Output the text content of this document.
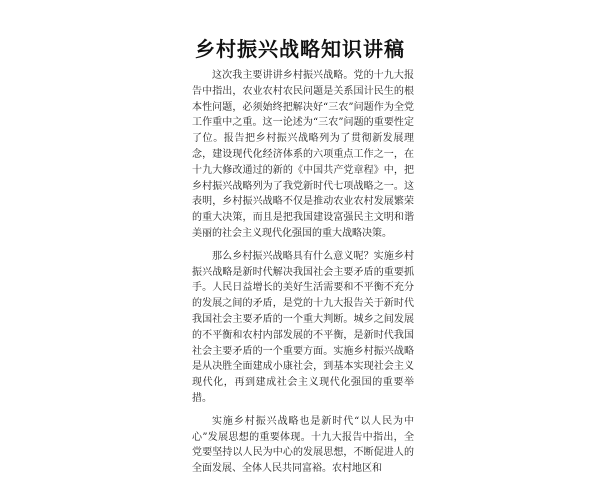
乡村振兴战略知识讲稿

这次我主要讲讲乡村振兴战略。党的十九大报告中指出，农业农村农民问题是关系国计民生的根本性问题，必须始终把解决好“三农”问题作为全党工作重中之重。这一论述为“三农”问题的重要性定了位。报告把乡村振兴战略列为了贯彻新发展理念，建设现代化经济体系的六项重点工作之一，在十九大修改通过的新的《中国共产党章程》中，把乡村振兴战略列为了我党新时代七项战略之一。这表明，乡村振兴战略不仅是推动农业农村发展繁荣的重大决策，而且是把我国建设富强民主文明和谐美丽的社会主义现代化强国的重大战略决策。

那么乡村振兴战略具有什么意义呢？实施乡村振兴战略是新时代解决我国社会主要矛盾的重要抓手。人民日益增长的美好生活需要和不平衡不充分的发展之间的矛盾，是党的十九大报告关于新时代我国社会主要矛盾的一个重大判断。城乡之间发展的不平衡和农村内部发展的不平衡，是新时代我国社会主要矛盾的一个重要方面。实施乡村振兴战略是从决胜全面建成小康社会，到基本实现社会主义现代化，再到建成社会主义现代化强国的重要举措。

实施乡村振兴战略也是新时代“以人民为中心”发展思想的重要体现。十九大报告中指出，全党要坚持以人民为中心的发展思想，不断促进人的全面发展、全体人民共同富裕。农村地区和
